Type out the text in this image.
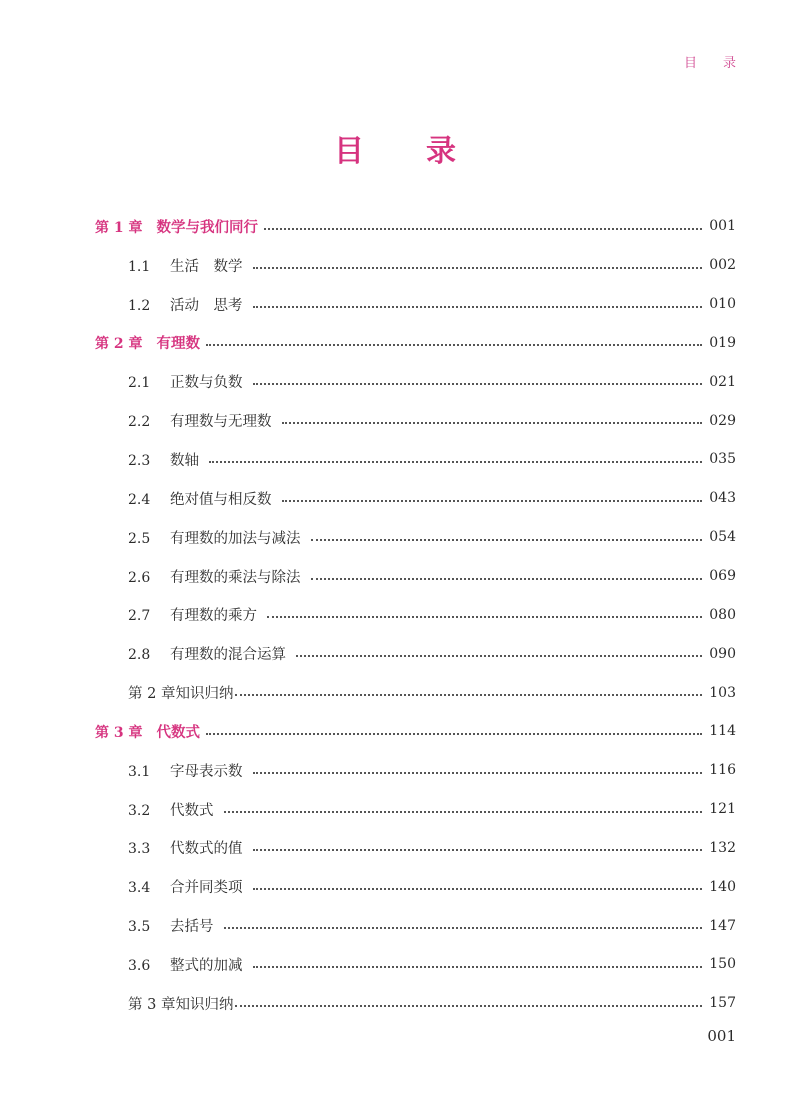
目 录
目 录
第 1 章 数学与我们同行	001
1.1 生活　数学	002
1.2 活动　思考	010
第 2 章 有理数	019
2.1 正数与负数	021
2.2 有理数与无理数	029
2.3 数轴	035
2.4 绝对值与相反数	043
2.5 有理数的加法与减法	054
2.6 有理数的乘法与除法	069
2.7 有理数的乘方	080
2.8 有理数的混合运算	090
第 2 章知识归纳	103
第 3 章 代数式	114
3.1 字母表示数	116
3.2 代数式	121
3.3 代数式的值	132
3.4 合并同类项	140
3.5 去括号	147
3.6 整式的加减	150
第 3 章知识归纳	157
001
